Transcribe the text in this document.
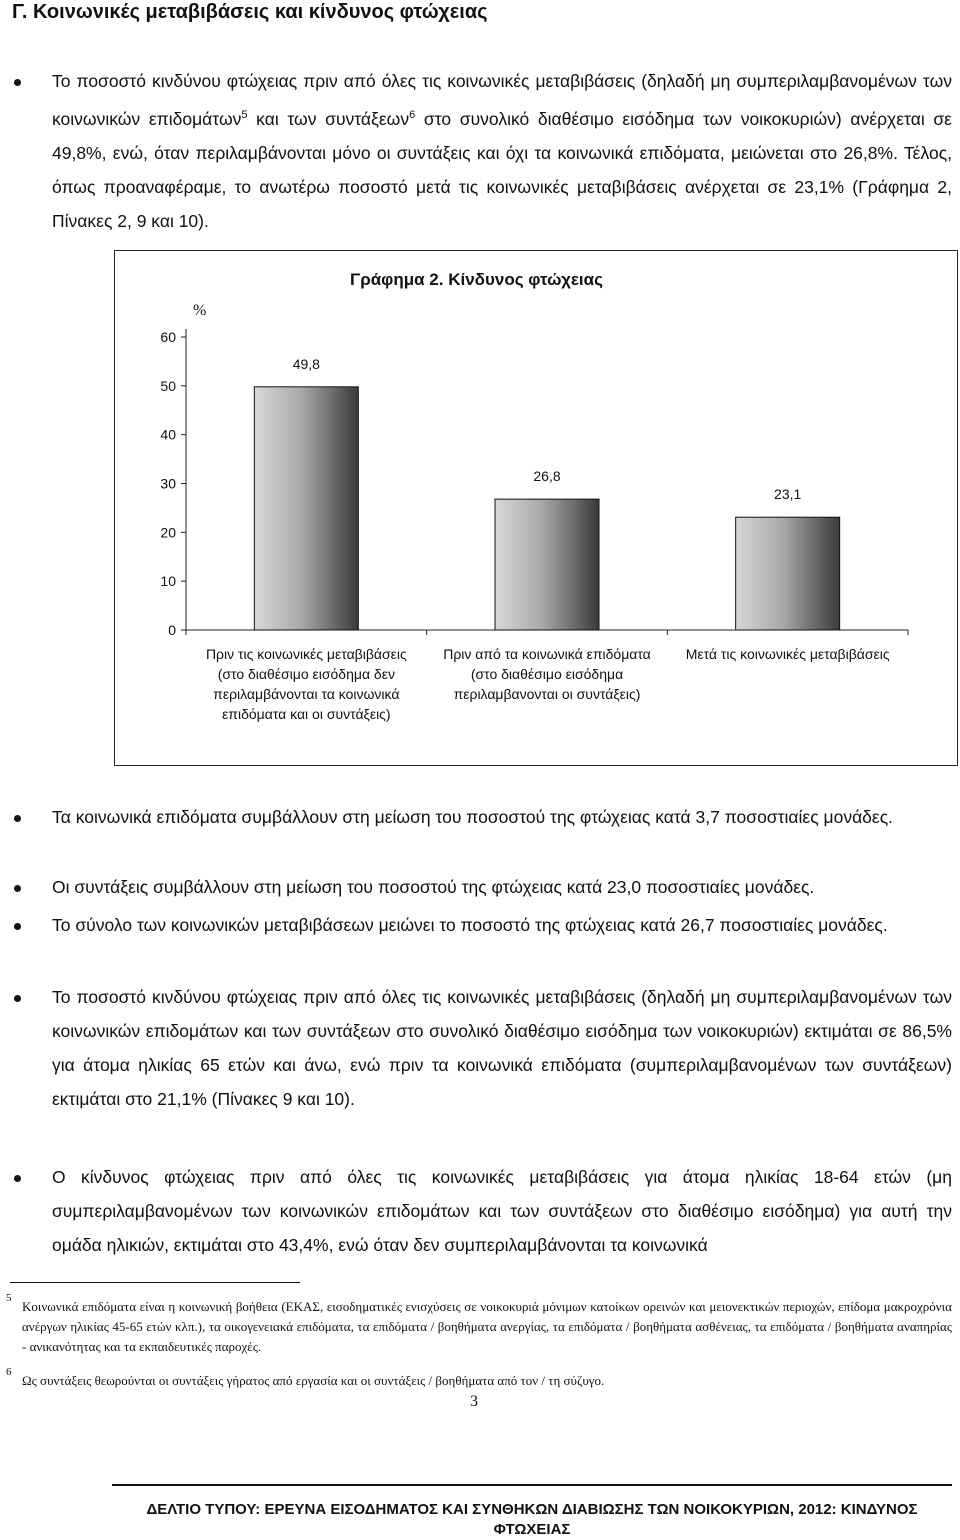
Γ. Κοινωνικές μεταβιβάσεις και κίνδυνος φτώχειας

Το ποσοστό κινδύνου φτώχειας πριν από όλες τις κοινωνικές μεταβιβάσεις (δηλαδή μη συμπεριλαμβανομένων των κοινωνικών επιδομάτων$^5$ και των συντάξεων$^6$ στο συνολικό διαθέσιμο εισόδημα των νοικοκυριών) ανέρχεται σε 49,8%, ενώ, όταν περιλαμβάνονται μόνο οι συντάξεις και όχι τα κοινωνικά επιδόματα, μειώνεται στο 26,8%. Τέλος, όπως προαναφέραμε, το ανωτέρω ποσοστό μετά τις κοινωνικές μεταβιβάσεις ανέρχεται σε 23,1% (Γράφημα 2, Πίνακες 2, 9 και 10).

Γράφημα 2. Κίνδυνος φτώχειας
%
0
10
20
30
40
50
60
49,8
26,8
23,1
Πριν τις κοινωνικές μεταβιβάσεις (στο διαθέσιμο εισόδημα δεν περιλαμβάνονται τα κοινωνικά επιδόματα και οι συντάξεις)
Πριν από τα κοινωνικά επιδόματα (στο διαθέσιμο εισόδημα περιλαμβανονται οι συντάξεις)
Μετά τις κοινωνικές μεταβιβάσεις

Τα κοινωνικά επιδόματα συμβάλλουν στη μείωση του ποσοστού της φτώχειας κατά 3,7 ποσοστιαίες μονάδες.

Οι συντάξεις συμβάλλουν στη μείωση του ποσοστού της φτώχειας κατά 23,0 ποσοστιαίες μονάδες.

Το σύνολο των κοινωνικών μεταβιβάσεων μειώνει το ποσοστό της φτώχειας κατά 26,7 ποσοστιαίες μονάδες.

Το ποσοστό κινδύνου φτώχειας πριν από όλες τις κοινωνικές μεταβιβάσεις (δηλαδή μη συμπεριλαμβανομένων των κοινωνικών επιδομάτων και των συντάξεων στο συνολικό διαθέσιμο εισόδημα των νοικοκυριών) εκτιμάται σε 86,5% για άτομα ηλικίας 65 ετών και άνω, ενώ πριν τα κοινωνικά επιδόματα (συμπεριλαμβανομένων των συντάξεων) εκτιμάται στο 21,1% (Πίνακες 9 και 10).

Ο κίνδυνος φτώχειας πριν από όλες τις κοινωνικές μεταβιβάσεις για άτομα ηλικίας 18-64 ετών (μη συμπεριλαμβανομένων των κοινωνικών επιδομάτων και των συντάξεων στο διαθέσιμο εισόδημα) για αυτή την ομάδα ηλικιών, εκτιμάται στο 43,4%, ενώ όταν δεν συμπεριλαμβάνονται τα κοινωνικά

5

Κοινωνικά επιδόματα είναι η κοινωνική βοήθεια (ΕΚΑΣ, εισοδηματικές ενισχύσεις σε νοικοκυριά μόνιμων κατοίκων ορεινών και μειονεκτικών περιοχών, επίδομα μακροχρόνια ανέργων ηλικίας 45-65 ετών κλπ.), τα οικογενειακά επιδόματα, τα επιδόματα / βοηθήματα ανεργίας, τα επιδόματα / βοηθήματα ασθένειας, τα επιδόματα / βοηθήματα αναπηρίας - ανικανότητας και τα εκπαιδευτικές παροχές.

6

Ως συντάξεις θεωρούνται οι συντάξεις γήρατος από εργασία και οι συντάξεις / βοηθήματα από τον / τη σύζυγο.

3
ΔΕΛΤΙΟ ΤΥΠΟΥ: ΕΡΕΥΝΑ ΕΙΣΟΔΗΜΑΤΟΣ ΚΑΙ ΣΥΝΘΗΚΩΝ ΔΙΑΒΙΩΣΗΣ ΤΩΝ ΝΟΙΚΟΚΥΡΙΩΝ, 2012: ΚΙΝΔΥΝΟΣ ΦΤΩΧΕΙΑΣ
